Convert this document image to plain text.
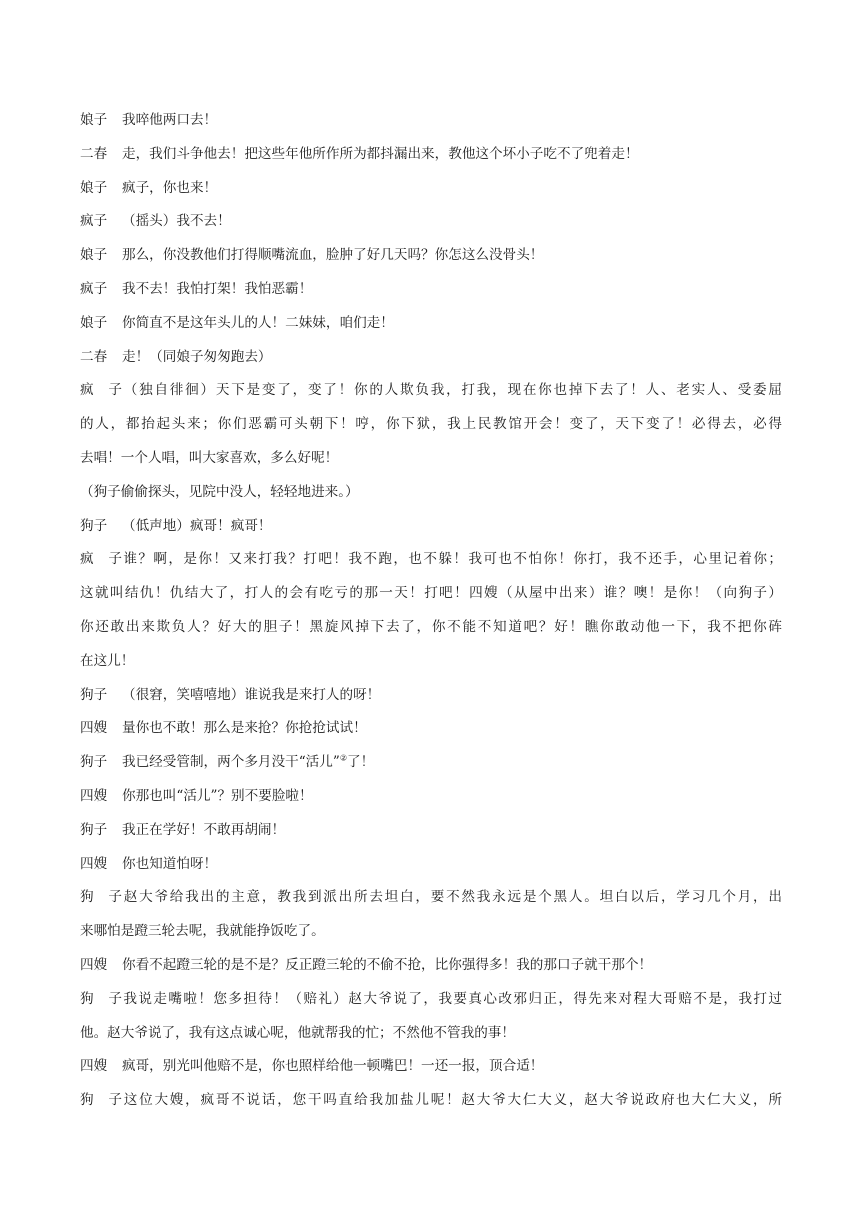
娘子 我啐他两口去！
二春 走，我们斗争他去！把这些年他所作所为都抖漏出来，教他这个坏小子吃不了兜着走！
娘子 疯子，你也来！
疯子 （摇头）我不去！
娘子 那么，你没教他们打得顺嘴流血，脸肿了好几天吗？你怎这么没骨头！
疯子 我不去！我怕打架！我怕恶霸！
娘子 你简直不是这年头儿的人！二妹妹，咱们走！
二春 走！（同娘子匆匆跑去）
疯子（独自徘徊）天下是变了，变了！你的人欺负我，打我，现在你也掉下去了！人、老实人、受委屈
的人，都抬起头来；你们恶霸可头朝下！哼，你下狱，我上民教馆开会！变了，天下变了！必得去，必得
去唱！一个人唱，叫大家喜欢，多么好呢！
（狗子偷偷探头，见院中没人，轻轻地进来。）
狗子 （低声地）疯哥！疯哥！
疯子谁？啊，是你！又来打我？打吧！我不跑，也不躲！我可也不怕你！你打，我不还手，心里记着你；
这就叫结仇！仇结大了，打人的会有吃亏的那一天！打吧！四嫂（从屋中出来）谁？噢！是你！（向狗子）
你还敢出来欺负人？好大的胆子！黑旋风掉下去了，你不能不知道吧？好！瞧你敢动他一下，我不把你砗
在这儿！
狗子 （很窘，笑嘻嘻地）谁说我是来打人的呀！
四嫂 量你也不敢！那么是来抢？你抢抢试试！
狗子 我已经受管制，两个多月没干“活儿”②了！
四嫂 你那也叫“活儿”？别不要脸啦！
狗子 我正在学好！不敢再胡闹！
四嫂 你也知道怕呀！
狗子赵大爷给我出的主意，教我到派出所去坦白，要不然我永远是个黑人。坦白以后，学习几个月，出
来哪怕是蹬三轮去呢，我就能挣饭吃了。
四嫂 你看不起蹬三轮的是不是？反正蹬三轮的不偷不抢，比你强得多！我的那口子就干那个！
狗子我说走嘴啦！您多担待！（赔礼）赵大爷说了，我要真心改邪归正，得先来对程大哥赔不是，我打过
他。赵大爷说了，我有这点诚心呢，他就帮我的忙；不然他不管我的事！
四嫂 疯哥，别光叫他赔不是，你也照样给他一顿嘴巴！一还一报，顶合适！
狗子这位大嫂，疯哥不说话，您干吗直给我加盐儿呢！赵大爷大仁大义，赵大爷说政府也大仁大义，所
